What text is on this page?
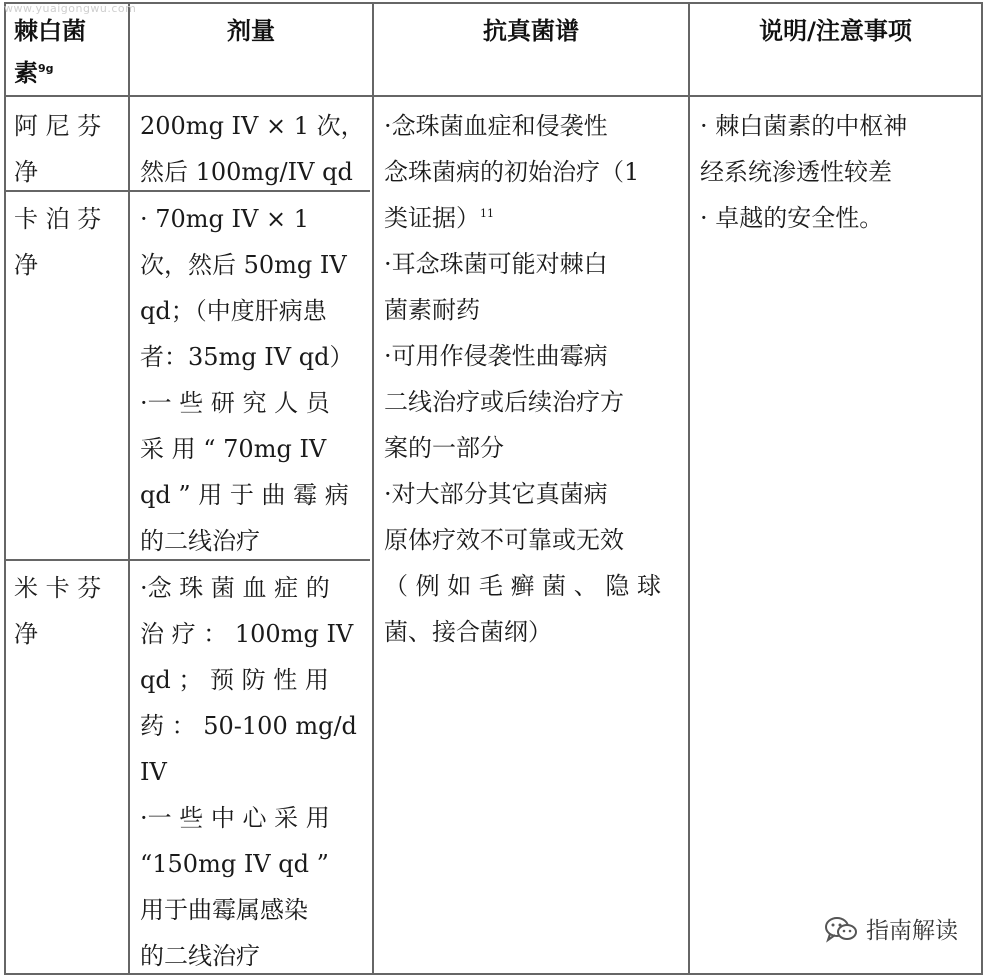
www.yuaigongwu.com
棘白菌
素$^{9g}$
剂量	抗真菌谱	说明/注意事项
阿 尼 芬
净
200mg IV × 1 次，
然后 100mg/IV qd
卡 泊 芬
净
· 70mg IV × 1
次，然后 50mg IV
qd；（中度肝病患
者：35mg IV qd）
·一 些 研 究 人 员
采 用 “ 70mg IV
qd ” 用 于 曲 霉 病
的二线治疗
米 卡 芬
净
·念 珠 菌 血 症 的
治 疗 ： 100mg IV
qd ； 预 防 性 用
药 ： 50-100 mg/d
IV
·一 些 中 心 采 用
“150mg IV qd ”
用于曲霉属感染
的二线治疗
·念珠菌血症和侵袭性
念珠菌病的初始治疗（1
类证据）$^{11}$
·耳念珠菌可能对棘白
菌素耐药
·可用作侵袭性曲霉病
二线治疗或后续治疗方
案的一部分
·对大部分其它真菌病
原体疗效不可靠或无效
（ 例 如 毛 癣 菌 、 隐 球
菌、接合菌纲）
· 棘白菌素的中枢神
经系统渗透性较差
· 卓越的安全性。
指南解读
